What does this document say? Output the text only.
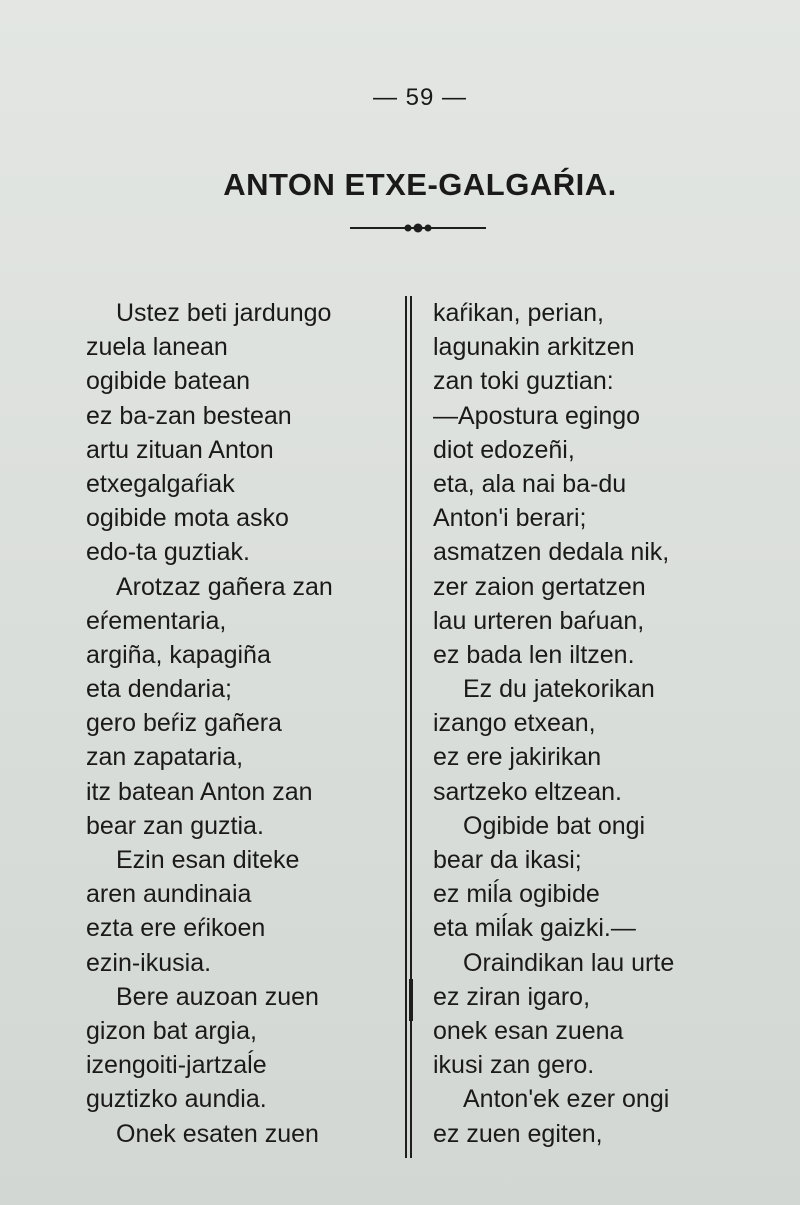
— 59 —
ANTON ETXE-GALGAŔIA.
Ustez beti jardungo
zuela lanean
ogibide batean
ez ba-zan bestean
artu zituan Anton
etxegalgaŕiak
ogibide mota asko
edo-ta guztiak.
Arotzaz gañera zan
eŕementaria,
argiña, kapagiña
eta dendaria;
gero beŕiz gañera
zan zapataria,
itz batean Anton zan
bear zan guztia.
Ezin esan diteke
aren aundinaia
ezta ere eŕikoen
ezin-ikusia.
Bere auzoan zuen
gizon bat argia,
izengoiti-jartzaĺe
guztizko aundia.
Onek esaten zuen
kaŕikan, perian,
lagunakin arkitzen
zan toki guztian:
—Apostura egingo
diot edozeñi,
eta, ala nai ba-du
Anton'i berari;
asmatzen dedala nik,
zer zaion gertatzen
lau urteren baŕuan,
ez bada len iltzen.
Ez du jatekorikan
izango etxean,
ez ere jakirikan
sartzeko eltzean.
Ogibide bat ongi
bear da ikasi;
ez miĺa ogibide
eta miĺak gaizki.—
Oraindikan lau urte
ez ziran igaro,
onek esan zuena
ikusi zan gero.
Anton'ek ezer ongi
ez zuen egiten,
